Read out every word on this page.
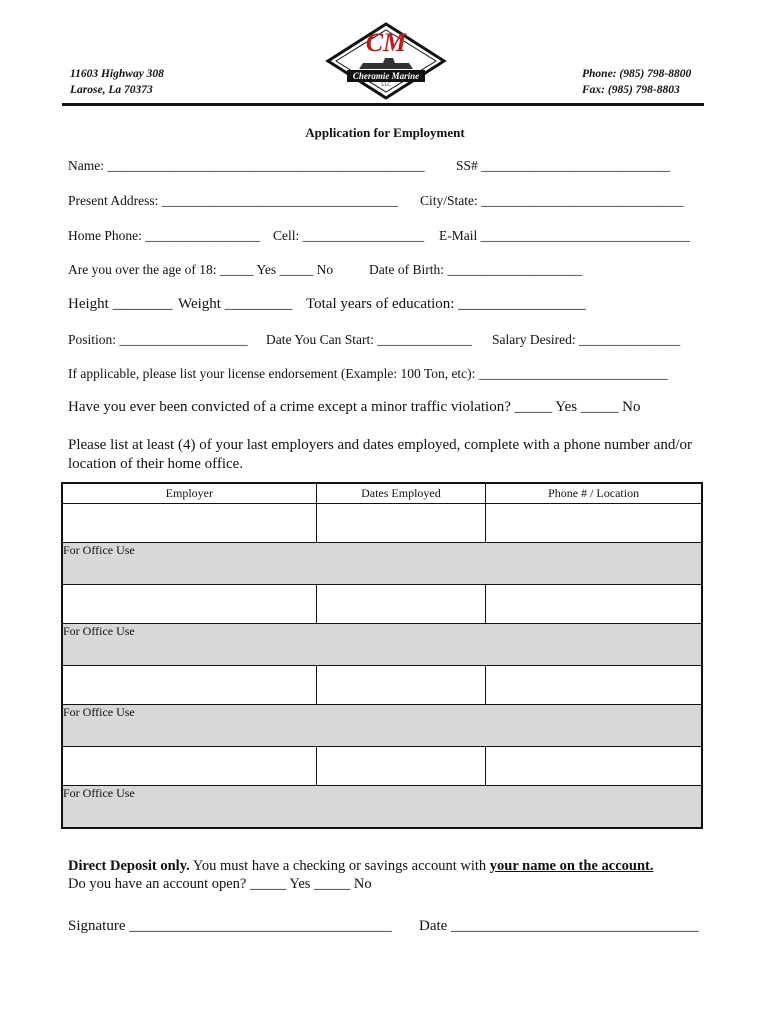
11603 Highway 308
Larose, La 70373
CM
Cheramie Marine
LLC
Phone: (985) 798-8800
Fax: (985) 798-8803
Application for Employment
Name: _______________________________________________ SS# ____________________________
Present Address: ___________________________________ City/State: ______________________________
Home Phone: _________________ Cell: __________________ E-Mail _______________________________
Are you over the age of 18: _____ Yes _____ No	Date of Birth: ____________________
Height ________ Weight _________ Total years of education: _________________
Position: ___________________ Date You Can Start: ______________ Salary Desired: _______________
If applicable, please list your license endorsement (Example: 100 Ton, etc): ____________________________
Have you ever been convicted of a crime except a minor traffic violation? _____ Yes _____ No
Please list at least (4) of your last employers and dates employed, complete with a phone number and/or
location of their home office.
Employer	Dates Employed	Phone # / Location

For Office Use		

For Office Use		

For Office Use		

For Office Use		
Direct Deposit only. You must have a checking or savings account with your name on the account.
Do you have an account open? _____ Yes _____ No
Signature ___________________________________ Date _________________________________
